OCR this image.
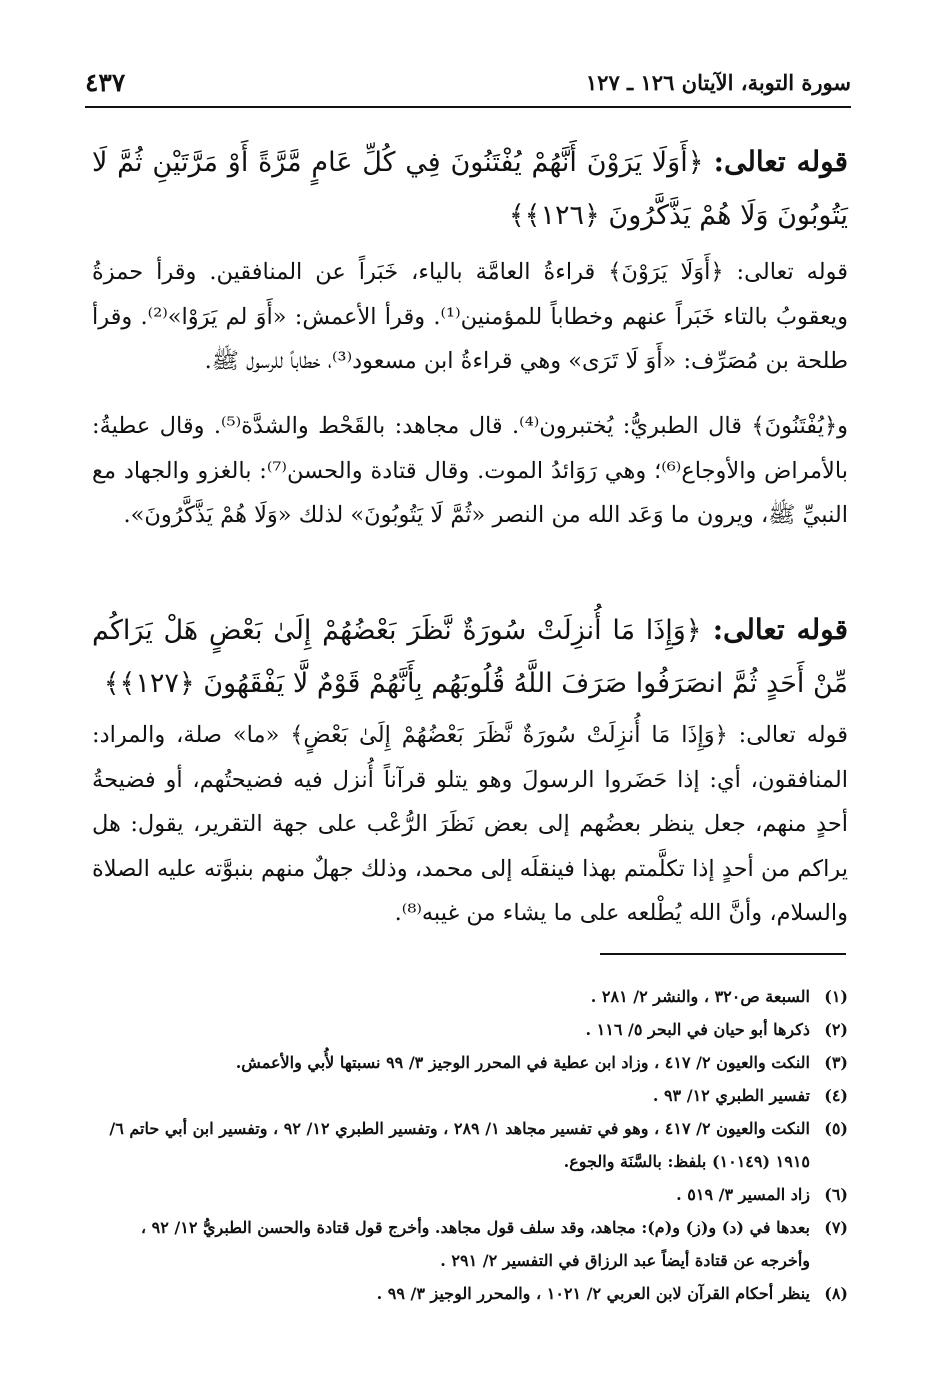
سورة التوبة، الآيتان ١٢٦ ـ ١٢٧
٤٣٧
قوله تعالى: ﴿أَوَلَا يَرَوْنَ أَنَّهُمْ يُفْتَنُونَ فِي كُلِّ عَامٍ مَّرَّةً أَوْ مَرَّتَيْنِ ثُمَّ لَا يَتُوبُونَ وَلَا هُمْ يَذَّكَّرُونَ ﴿١٢٦﴾﴾
قوله تعالى: ﴿أَوَلَا يَرَوْنَ﴾ قراءةُ العامَّة بالياء، خَبَراً عن المنافقين. وقرأ حمزةُ ويعقوبُ بالتاء خَبَراً عنهم وخطاباً للمؤمنين⁽¹⁾. وقرأ الأعمش: «أَوَ لم يَرَوْا»⁽²⁾. وقرأ طلحة بن مُصَرِّف: «أَوَ لَا تَرَى» وهي قراءةُ ابن مسعود⁽³⁾، خطاباً للرسول ﷺ.
و﴿يُفْتَنُونَ﴾ قال الطبريُّ: يُختبرون⁽⁴⁾. قال مجاهد: بالقَحْط والشدَّة⁽⁵⁾. وقال عطيةُ: بالأمراض والأوجاع⁽⁶⁾؛ وهي رَوَائدُ الموت. وقال قتادة والحسن⁽⁷⁾: بالغزو والجهاد مع النبيِّ ﷺ، ويرون ما وَعَد الله من النصر «ثُمَّ لَا يَتُوبُونَ» لذلك «وَلَا هُمْ يَذَّكَّرُونَ».
قوله تعالى: ﴿وَإِذَا مَا أُنزِلَتْ سُورَةٌ نَّظَرَ بَعْضُهُمْ إِلَىٰ بَعْضٍ هَلْ يَرَاكُم مِّنْ أَحَدٍ ثُمَّ انصَرَفُوا صَرَفَ اللَّهُ قُلُوبَهُم بِأَنَّهُمْ قَوْمٌ لَّا يَفْقَهُونَ ﴿١٢٧﴾﴾
قوله تعالى: ﴿وَإِذَا مَا أُنزِلَتْ سُورَةٌ نَّظَرَ بَعْضُهُمْ إِلَىٰ بَعْضٍ﴾ «ما» صلة، والمراد: المنافقون، أي: إذا حَضَروا الرسولَ وهو يتلو قرآناً أُنزل فيه فضيحتُهم، أو فضيحةُ أحدٍ منهم، جعل ينظر بعضُهم إلى بعض نَظَرَ الرُّعْب على جهة التقرير، يقول: هل يراكم من أحدٍ إذا تكلَّمتم بهذا فينقلَه إلى محمد، وذلك جهلٌ منهم بنبوَّته عليه الصلاة والسلام، وأنَّ الله يُطْلعه على ما يشاء من غيبه⁽⁸⁾.

(١)
السبعة ص٣٢٠ ، والنشر ٢/ ٢٨١ .

(٢)
ذكرها أبو حيان في البحر ٥/ ١١٦ .

(٣)
النكت والعيون ٢/ ٤١٧ ، وزاد ابن عطية في المحرر الوجيز ٣/ ٩٩ نسبتها لأُبي والأعمش.

(٤)
تفسير الطبري ١٢/ ٩٣ .

(٥)
النكت والعيون ٢/ ٤١٧ ، وهو في تفسير مجاهد ١/ ٢٨٩ ، وتفسير الطبري ١٢/ ٩٢ ، وتفسير ابن أبي حاتم ٦/ ١٩١٥ (١٠١٤٩) بلفظ: بالسَّنَة والجوع.

(٦)
زاد المسير ٣/ ٥١٩ .

(٧)
بعدها في (د) و(ز) و(م): مجاهد، وقد سلف قول مجاهد. وأخرج قول قتادة والحسن الطبريُّ ١٢/ ٩٢ ، وأخرجه عن قتادة أيضاً عبد الرزاق في التفسير ٢/ ٢٩١ .

(٨)
ينظر أحكام القرآن لابن العربي ٢/ ١٠٢١ ، والمحرر الوجيز ٣/ ٩٩ .
